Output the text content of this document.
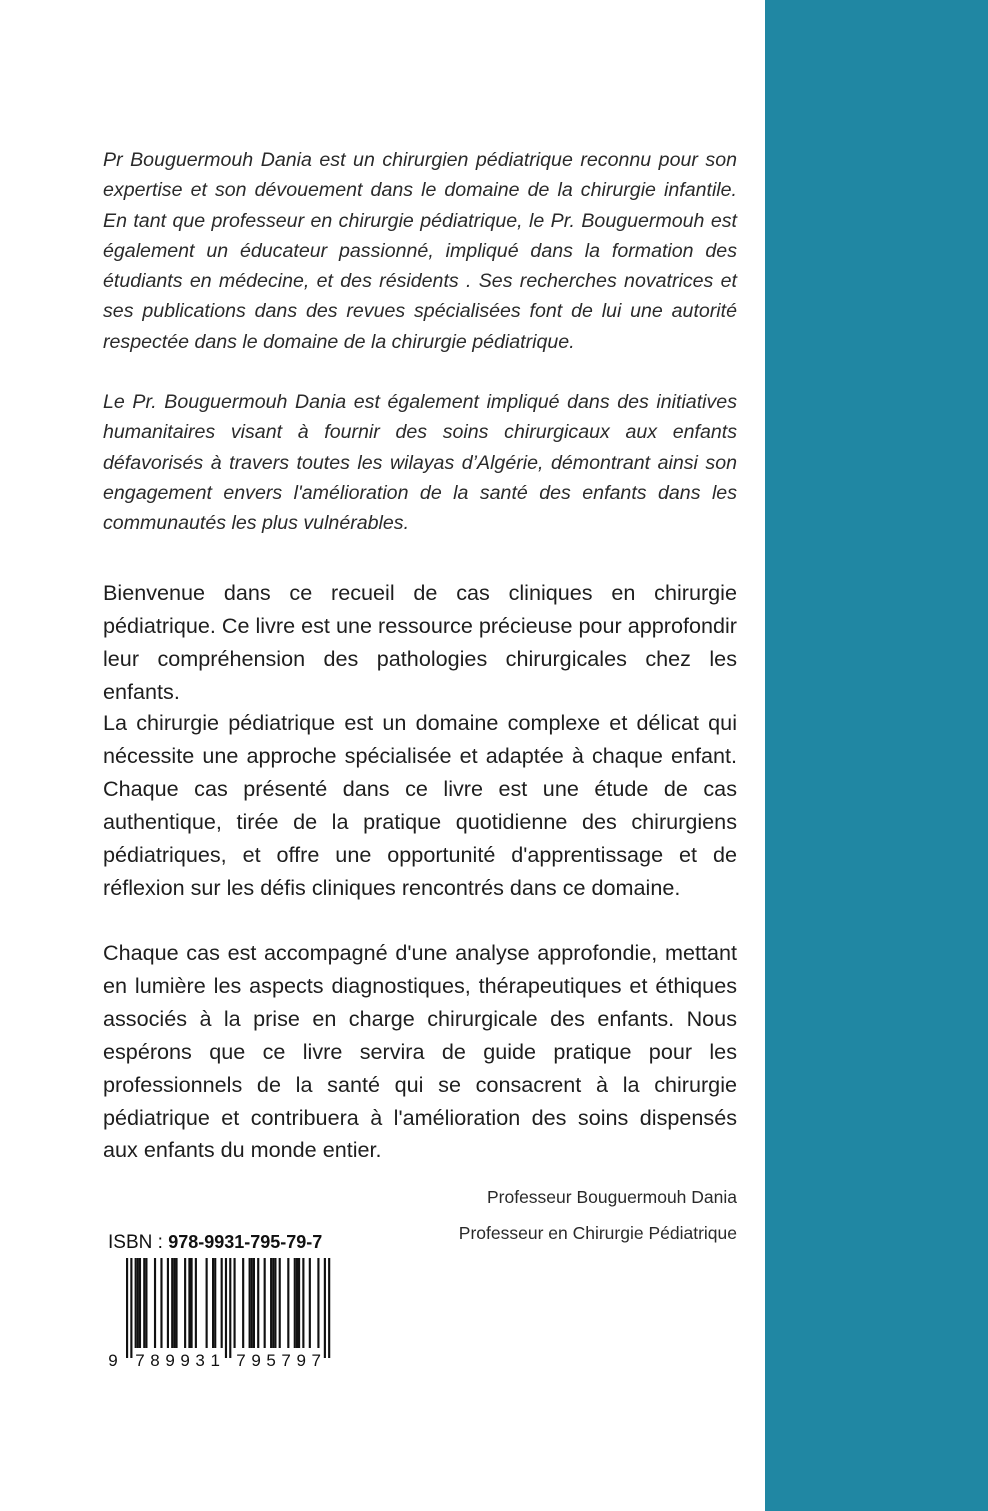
Pr Bouguermouh Dania est un chirurgien pédiatrique reconnu pour son expertise et son dévouement dans le domaine de la chirurgie infantile. En tant que professeur en chirurgie pédiatrique, le Pr. Bouguermouh est également un éducateur passionné, impliqué dans la formation des étudiants en médecine, et des résidents . Ses recherches novatrices et ses publications dans des revues spécialisées font de lui une autorité respectée dans le domaine de la chirurgie pédiatrique.

Le Pr. Bouguermouh Dania est également impliqué dans des initiatives humanitaires visant à fournir des soins chirurgicaux aux enfants défavorisés à travers toutes les wilayas d’Algérie, démontrant ainsi son engagement envers l'amélioration de la santé des enfants dans les communautés les plus vulnérables.

Bienvenue dans ce recueil de cas cliniques en chirurgie pédiatrique. Ce livre est une ressource précieuse pour approfondir leur compréhension des pathologies chirurgicales chez les enfants.

La chirurgie pédiatrique est un domaine complexe et délicat qui nécessite une approche spécialisée et adaptée à chaque enfant. Chaque cas présenté dans ce livre est une étude de cas authentique, tirée de la pratique quotidienne des chirurgiens pédiatriques, et offre une opportunité d'apprentissage et de réflexion sur les défis cliniques rencontrés dans ce domaine.

Chaque cas est accompagné d'une analyse approfondie, mettant en lumière les aspects diagnostiques, thérapeutiques et éthiques associés à la prise en charge chirurgicale des enfants. Nous espérons que ce livre servira de guide pratique pour les professionnels de la santé qui se consacrent à la chirurgie pédiatrique et contribuera à l'amélioration des soins dispensés aux enfants du monde entier.

Professeur Bouguermouh Dania

Professeur en Chirurgie Pédiatrique

ISBN : 978-9931-795-79-7
9 7 8 9 9 3 1 7 9 5 7 9 7
